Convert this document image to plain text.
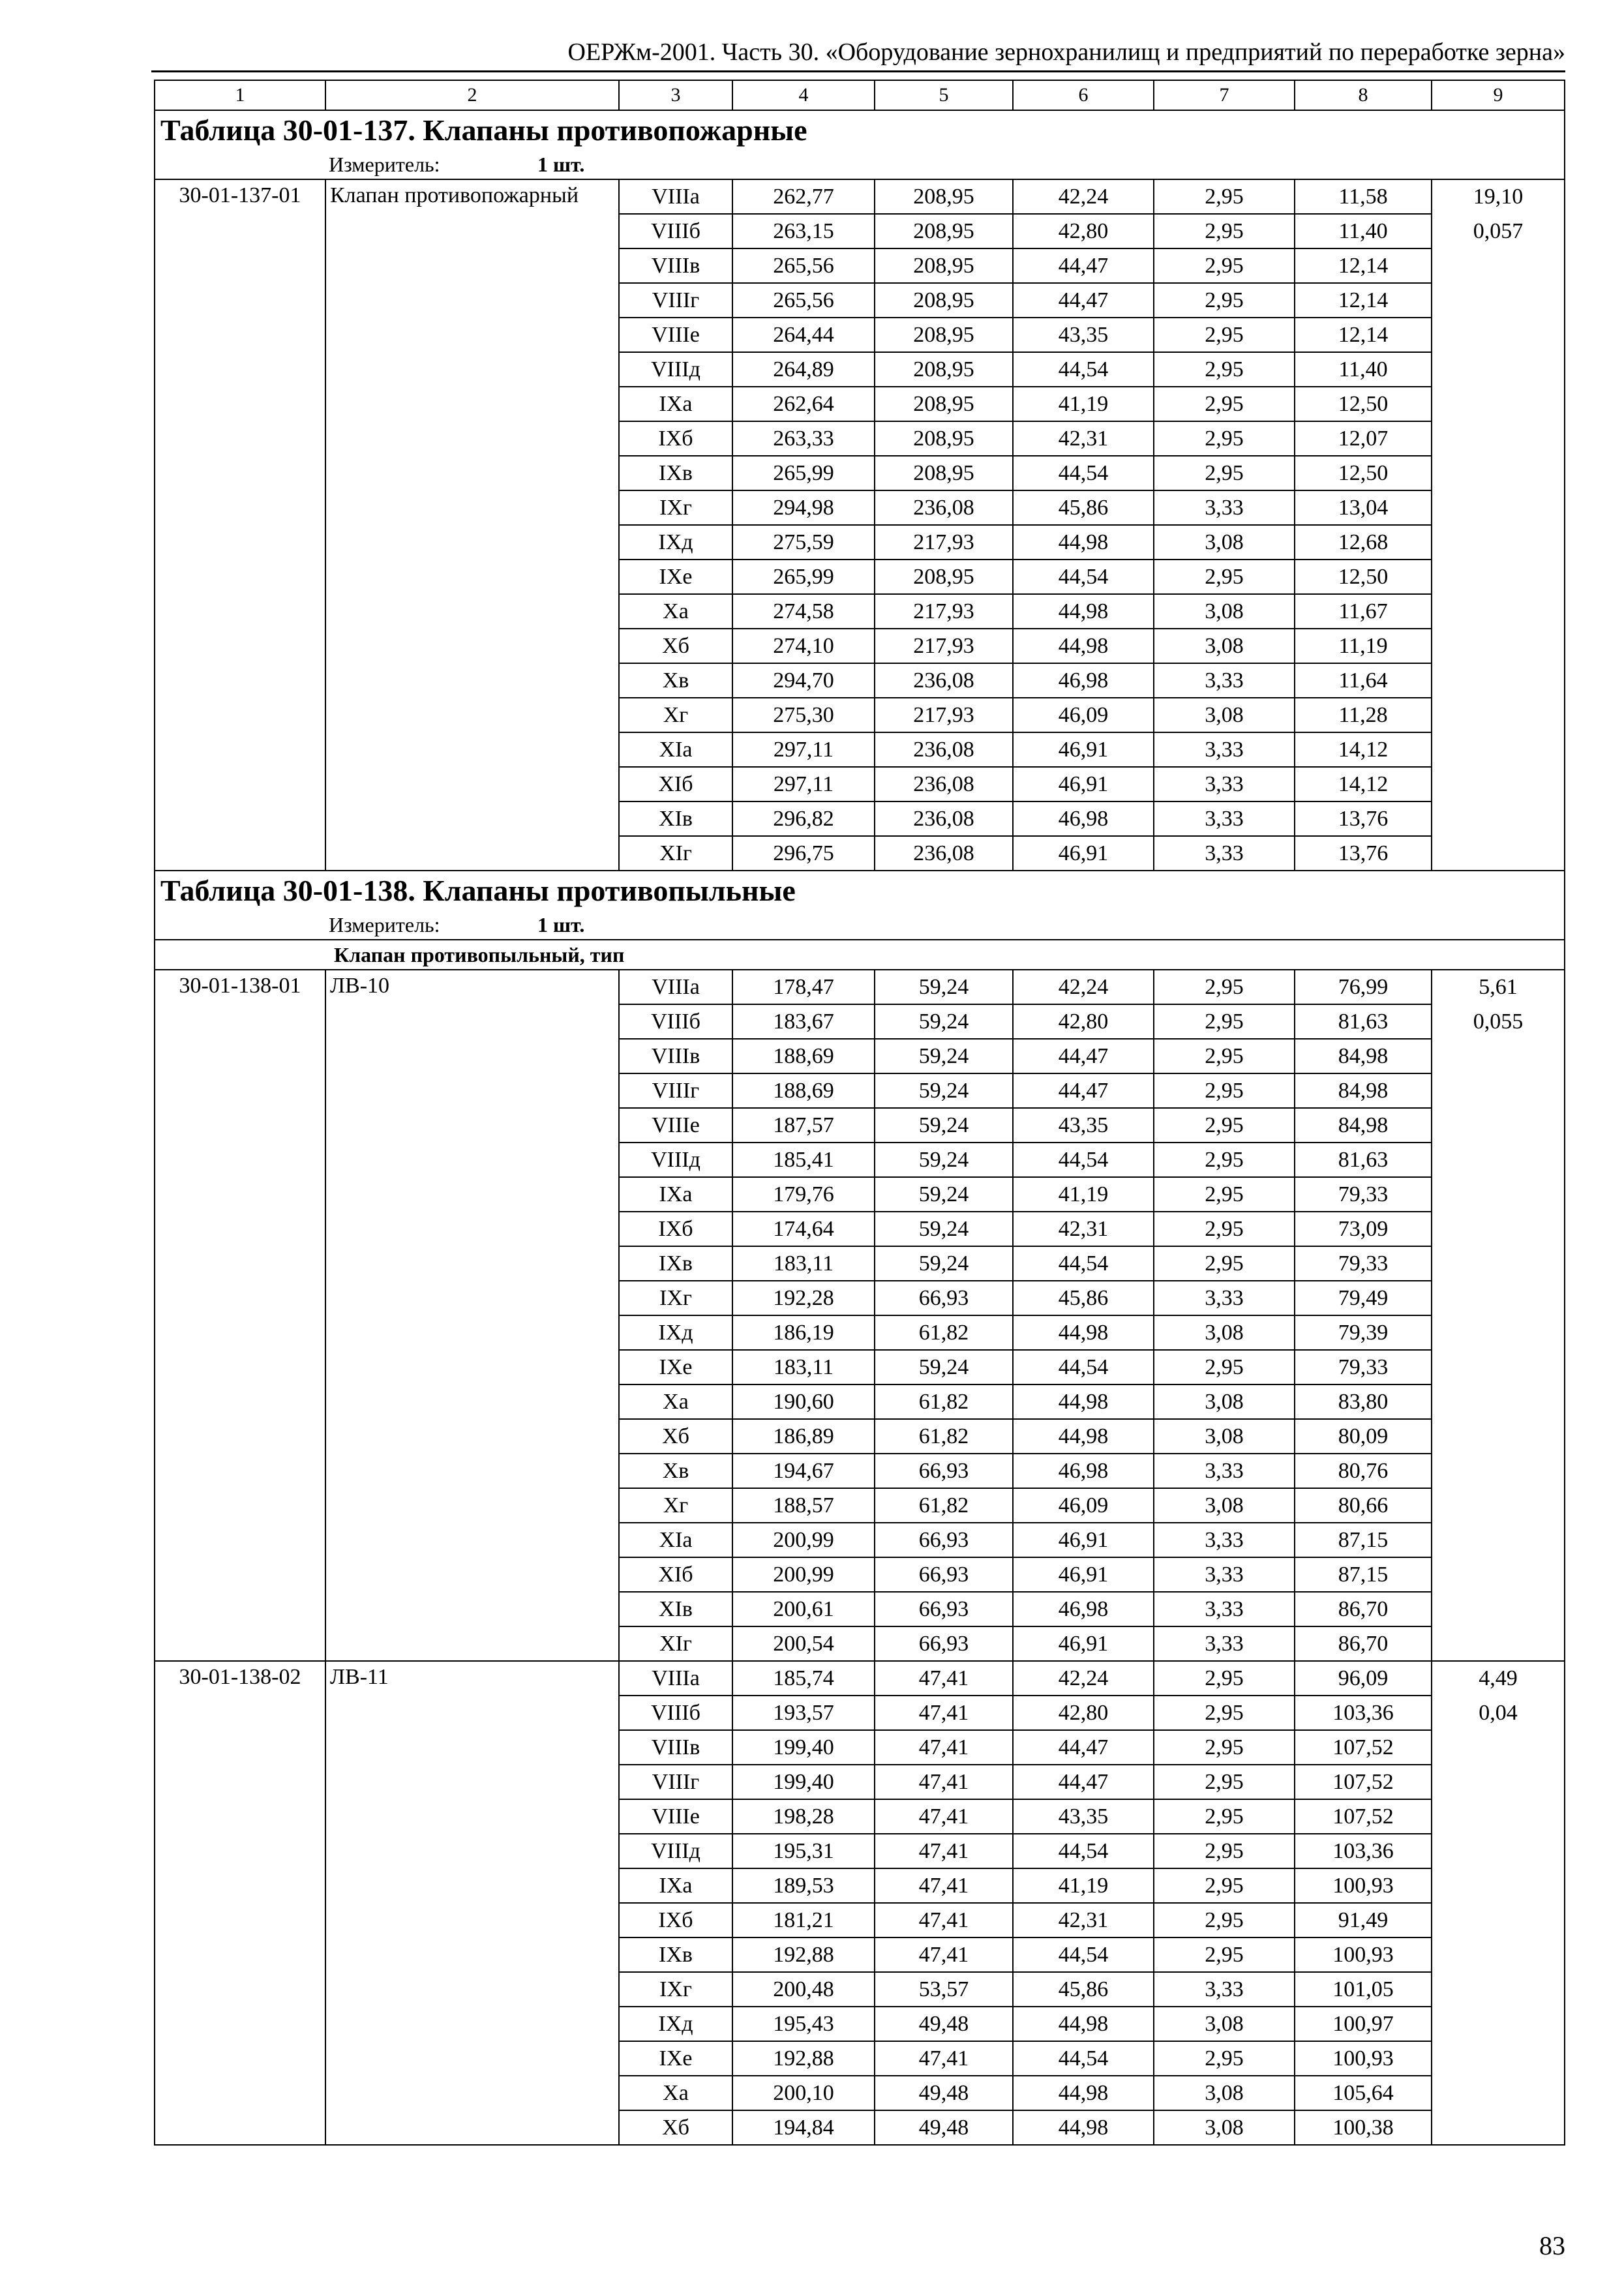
ОЕРЖм-2001. Часть 30. «Оборудование зернохранилищ и предприятий по переработке зерна»
1	2	3	4	5	6	7	8	9
Таблица 30-01-137. Клапаны противопожарные								
Измеритель: 1 шт.								
30-01-137-01	Клапан противопожарный	VIIIа	262,77	208,95	42,24	2,95	11,58	19,10
		VIIIб	263,15	208,95	42,80	2,95	11,40	0,057
		VIIIв	265,56	208,95	44,47	2,95	12,14	
		VIIIг	265,56	208,95	44,47	2,95	12,14	
		VIIIе	264,44	208,95	43,35	2,95	12,14	
		VIIIд	264,89	208,95	44,54	2,95	11,40	
		IXа	262,64	208,95	41,19	2,95	12,50	
		IXб	263,33	208,95	42,31	2,95	12,07	
		IXв	265,99	208,95	44,54	2,95	12,50	
		IXг	294,98	236,08	45,86	3,33	13,04	
		IXд	275,59	217,93	44,98	3,08	12,68	
		IXе	265,99	208,95	44,54	2,95	12,50	
		Xа	274,58	217,93	44,98	3,08	11,67	
		Xб	274,10	217,93	44,98	3,08	11,19	
		Xв	294,70	236,08	46,98	3,33	11,64	
		Xг	275,30	217,93	46,09	3,08	11,28	
		XIа	297,11	236,08	46,91	3,33	14,12	
		XIб	297,11	236,08	46,91	3,33	14,12	
		XIв	296,82	236,08	46,98	3,33	13,76	
		XIг	296,75	236,08	46,91	3,33	13,76	
Таблица 30-01-138. Клапаны противопыльные								
Измеритель: 1 шт.								
Клапан противопыльный, тип								
30-01-138-01	ЛВ-10	VIIIа	178,47	59,24	42,24	2,95	76,99	5,61
		VIIIб	183,67	59,24	42,80	2,95	81,63	0,055
		VIIIв	188,69	59,24	44,47	2,95	84,98	
		VIIIг	188,69	59,24	44,47	2,95	84,98	
		VIIIе	187,57	59,24	43,35	2,95	84,98	
		VIIIд	185,41	59,24	44,54	2,95	81,63	
		IXа	179,76	59,24	41,19	2,95	79,33	
		IXб	174,64	59,24	42,31	2,95	73,09	
		IXв	183,11	59,24	44,54	2,95	79,33	
		IXг	192,28	66,93	45,86	3,33	79,49	
		IXд	186,19	61,82	44,98	3,08	79,39	
		IXе	183,11	59,24	44,54	2,95	79,33	
		Xа	190,60	61,82	44,98	3,08	83,80	
		Xб	186,89	61,82	44,98	3,08	80,09	
		Xв	194,67	66,93	46,98	3,33	80,76	
		Xг	188,57	61,82	46,09	3,08	80,66	
		XIа	200,99	66,93	46,91	3,33	87,15	
		XIб	200,99	66,93	46,91	3,33	87,15	
		XIв	200,61	66,93	46,98	3,33	86,70	
		XIг	200,54	66,93	46,91	3,33	86,70	
30-01-138-02	ЛВ-11	VIIIа	185,74	47,41	42,24	2,95	96,09	4,49
		VIIIб	193,57	47,41	42,80	2,95	103,36	0,04
		VIIIв	199,40	47,41	44,47	2,95	107,52	
		VIIIг	199,40	47,41	44,47	2,95	107,52	
		VIIIе	198,28	47,41	43,35	2,95	107,52	
		VIIIд	195,31	47,41	44,54	2,95	103,36	
		IXа	189,53	47,41	41,19	2,95	100,93	
		IXб	181,21	47,41	42,31	2,95	91,49	
		IXв	192,88	47,41	44,54	2,95	100,93	
		IXг	200,48	53,57	45,86	3,33	101,05	
		IXд	195,43	49,48	44,98	3,08	100,97	
		IXе	192,88	47,41	44,54	2,95	100,93	
		Xа	200,10	49,48	44,98	3,08	105,64	
		Xб	194,84	49,48	44,98	3,08	100,38	
83
